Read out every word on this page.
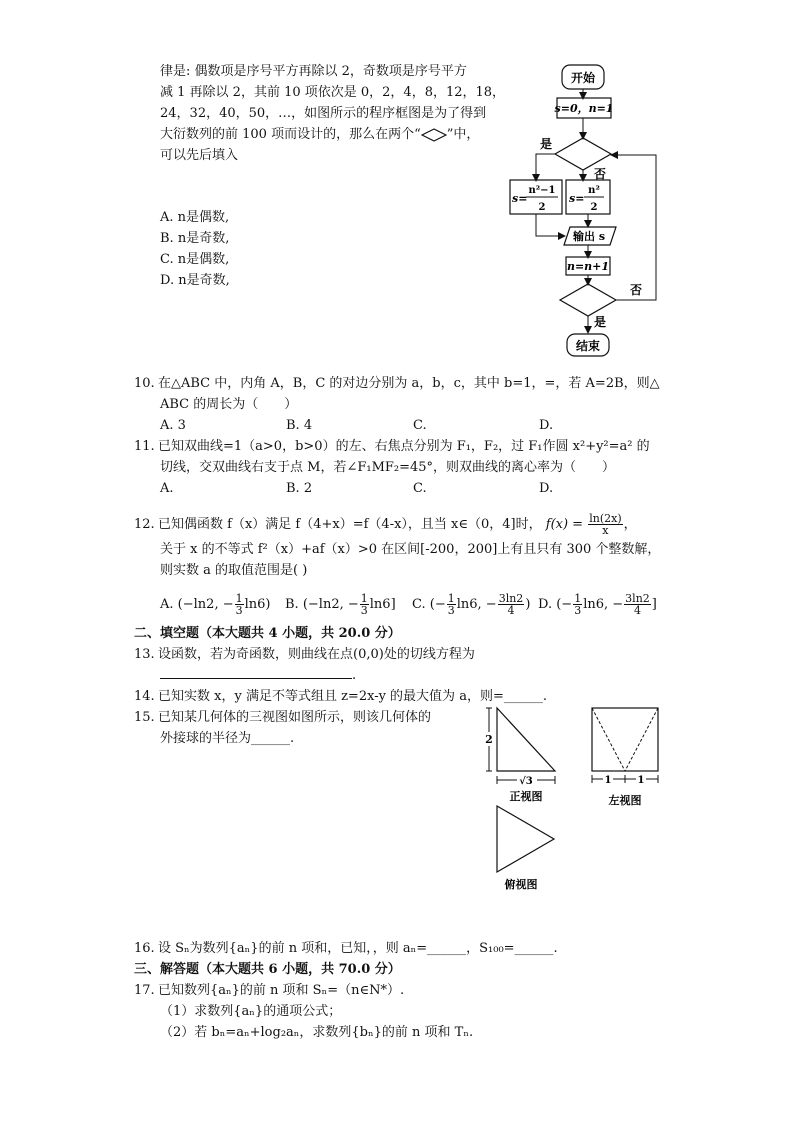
律是: 偶数项是序号平方再除以 2，奇数项是序号平方
减 1 再除以 2，其前 10 项依次是 0，2，4，8，12，18，
24，32，40，50，…，如图所示的程序框图是为了得到
大衍数列的前 100 项而设计的，那么在两个“ ”中，
可以先后填入
A. n是偶数,
B. n是奇数,
C. n是偶数,
D. n是奇数,
开始
s=0，n=1
是
否
s=
n²−1
2
s=
n²
2
输出 s
n=n+1
否
是
结束
10. 在△ABC 中，内角 A，B，C 的对边分别为 a，b，c，其中 b=1，=，若 A=2B，则△
ABC 的周长为（　　）
A. 3	B. 4	C.	D.
11. 已知双曲线=1（a>0，b>0）的左、右焦点分别为 F₁，F₂，过 F₁作圆 x²+y²=a² 的
切线，交双曲线右支于点 M，若∠F₁MF₂=45°，则双曲线的离心率为（　　）
A.	B. 2	C.	D.
12. 已知偶函数 f（x）满足 f（4+x）=f（4-x），且当 x∈（0，4]时， $f(x) = \frac{\ln(2x)}{x}$ ，
关于 x 的不等式 f²（x）+af（x）>0 在区间[-200，200]上有且只有 300 个整数解，
则实数 a 的取值范围是( )
A. (−ln2, − $\frac{1}{3} \ln 6$) B. (−ln2, − $\frac{1}{3} \ln 6$] C. (− $\frac{1}{3} \ln 6$, − $\frac{3\ln 2}{4}$ ) D. (− $\frac{1}{3} \ln 6$, − $\frac{3\ln 2}{4}$ ]
二、填空题（本大题共 4 小题，共 20.0 分）
13. 设函数，若为奇函数，则曲线在点(0,0)处的切线方程为
.
14. 已知实数 x，y 满足不等式组且 z=2x-y 的最大值为 a，则=______.
15. 已知某几何体的三视图如图所示，则该几何体的
外接球的半径为______.	2
√3
正视图
1	1
左视图
俯视图
16. 设 Sₙ为数列{aₙ}的前 n 项和，已知，，则 aₙ=______，S₁₀₀=______.
三、解答题（本大题共 6 小题，共 70.0 分）
17. 已知数列{aₙ}的前 n 项和 Sₙ=（n∈N*）.
（1）求数列{aₙ}的通项公式；
（2）若 bₙ=aₙ+log₂aₙ，求数列{bₙ}的前 n 项和 Tₙ.
